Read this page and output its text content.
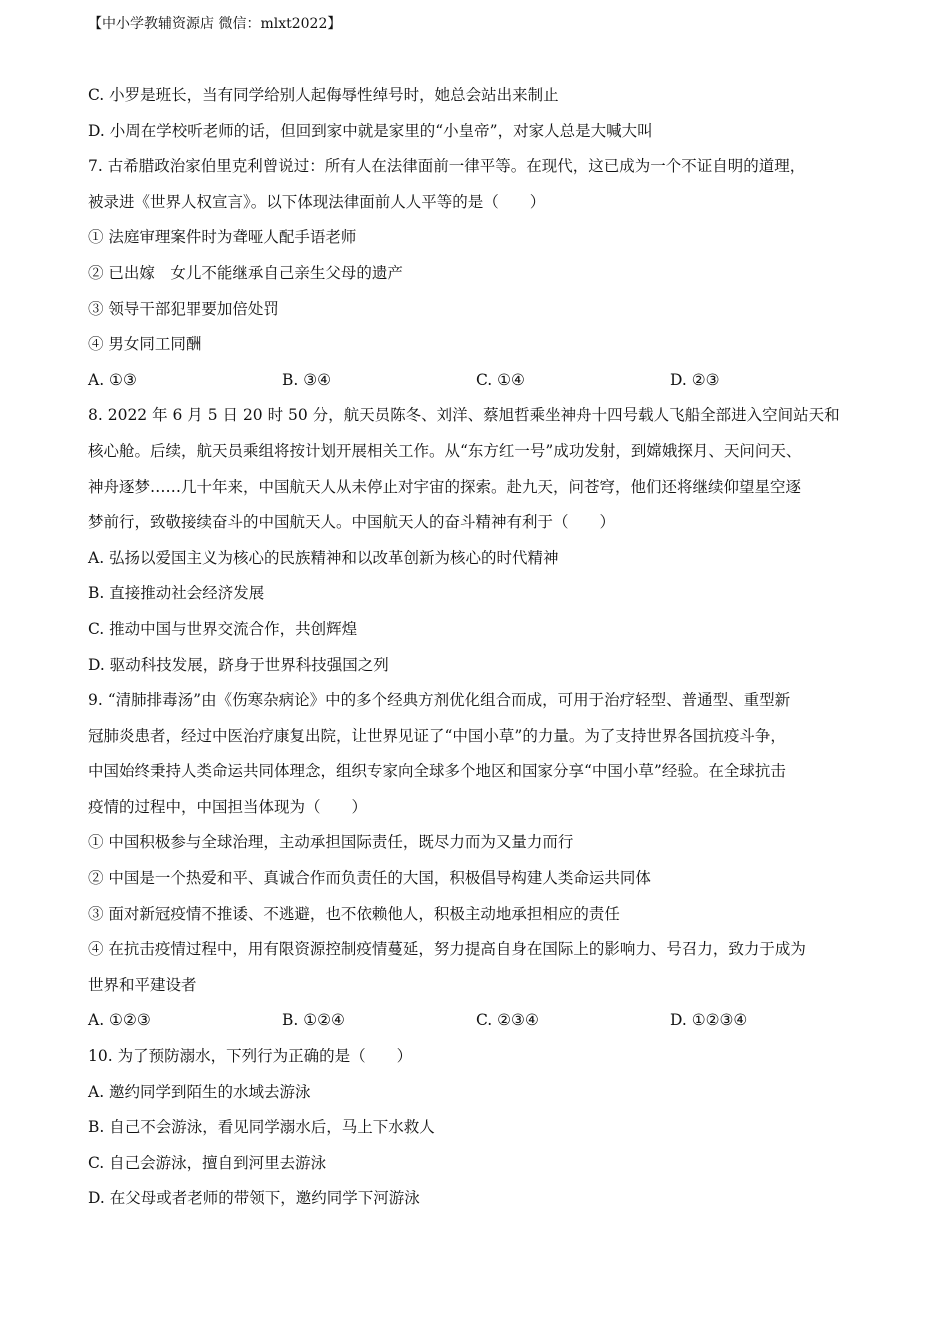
【中小学教辅资源店 微信：mlxt2022】
C. 小罗是班长，当有同学给别人起侮辱性绰号时，她总会站出来制止
D. 小周在学校听老师的话，但回到家中就是家里的“小皇帝”，对家人总是大喊大叫
7. 古希腊政治家伯里克利曾说过：所有人在法律面前一律平等。在现代，这已成为一个不证自明的道理，
被录进《世界人权宣言》。以下体现法律面前人人平等的是（　　）
① 法庭审理案件时为聋哑人配手语老师
② 已出嫁　女儿不能继承自己亲生父母的遗产
③ 领导干部犯罪要加倍处罚
④ 男女同工同酬
A. ①③	B. ③④	C. ①④	D. ②③
8. 2022 年 6 月 5 日 20 时 50 分，航天员陈冬、刘洋、蔡旭哲乘坐神舟十四号载人飞船全部进入空间站天和
核心舱。后续，航天员乘组将按计划开展相关工作。从“东方红一号”成功发射，到嫦娥探月、天问问天、
神舟逐梦……几十年来，中国航天人从未停止对宇宙的探索。赴九天，问苍穹，他们还将继续仰望星空逐
梦前行，致敬接续奋斗的中国航天人。中国航天人的奋斗精神有利于（　　）
A. 弘扬以爱国主义为核心的民族精神和以改革创新为核心的时代精神
B. 直接推动社会经济发展
C. 推动中国与世界交流合作，共创辉煌
D. 驱动科技发展，跻身于世界科技强国之列
9. “清肺排毒汤”由《伤寒杂病论》中的多个经典方剂优化组合而成，可用于治疗轻型、普通型、重型新
冠肺炎患者，经过中医治疗康复出院，让世界见证了“中国小草”的力量。为了支持世界各国抗疫斗争，
中国始终秉持人类命运共同体理念，组织专家向全球多个地区和国家分享“中国小草”经验。在全球抗击
疫情的过程中，中国担当体现为（　　）
① 中国积极参与全球治理，主动承担国际责任，既尽力而为又量力而行
② 中国是一个热爱和平、真诚合作而负责任的大国，积极倡导构建人类命运共同体
③ 面对新冠疫情不推诿、不逃避，也不依赖他人，积极主动地承担相应的责任
④ 在抗击疫情过程中，用有限资源控制疫情蔓延，努力提高自身在国际上的影响力、号召力，致力于成为
世界和平建设者
A. ①②③	B. ①②④	C. ②③④	D. ①②③④
10. 为了预防溺水，下列行为正确的是（　　）
A. 邀约同学到陌生的水域去游泳
B. 自己不会游泳，看见同学溺水后，马上下水救人
C. 自己会游泳，擅自到河里去游泳
D. 在父母或者老师的带领下，邀约同学下河游泳
